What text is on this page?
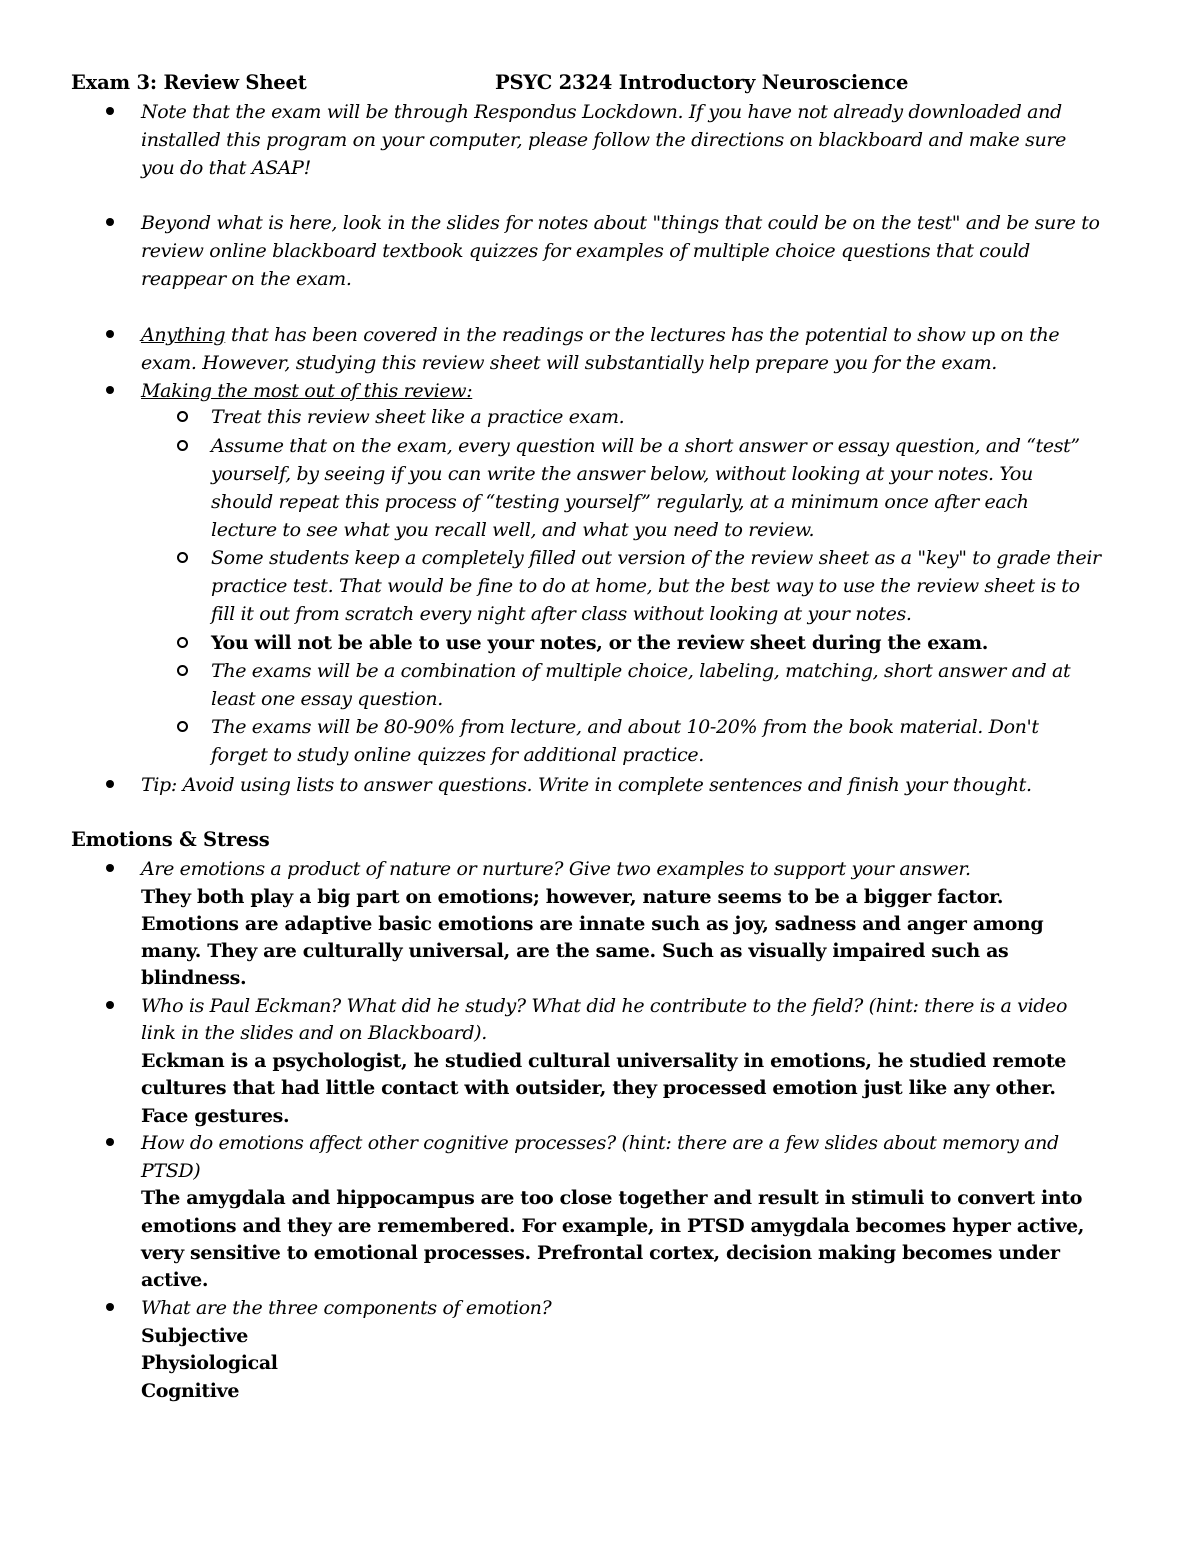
Exam 3: Review Sheet	PSYC 2324 Introductory Neuroscience
Note that the exam will be through Respondus Lockdown. If you have not already downloaded and
installed this program on your computer, please follow the directions on blackboard and make sure
you do that ASAP!
Beyond what is here, look in the slides for notes about "things that could be on the test" and be sure to
review online blackboard textbook quizzes for examples of multiple choice questions that could
reappear on the exam.
Anything that has been covered in the readings or the lectures has the potential to show up on the
exam. However, studying this review sheet will substantially help prepare you for the exam.
Making the most out of this review:
Treat this review sheet like a practice exam.
Assume that on the exam, every question will be a short answer or essay question, and “test”
yourself, by seeing if you can write the answer below, without looking at your notes. You
should repeat this process of “testing yourself” regularly, at a minimum once after each
lecture to see what you recall well, and what you need to review.
Some students keep a completely filled out version of the review sheet as a "key" to grade their
practice test. That would be fine to do at home, but the best way to use the review sheet is to
fill it out from scratch every night after class without looking at your notes.
You will not be able to use your notes, or the review sheet during the exam.
The exams will be a combination of multiple choice, labeling, matching, short answer and at
least one essay question.
The exams will be 80-90% from lecture, and about 10-20% from the book material. Don't
forget to study online quizzes for additional practice.
Tip: Avoid using lists to answer questions. Write in complete sentences and finish your thought.
Emotions & Stress
Are emotions a product of nature or nurture? Give two examples to support your answer.
They both play a big part on emotions; however, nature seems to be a bigger factor.
Emotions are adaptive basic emotions are innate such as joy, sadness and anger among
many. They are culturally universal, are the same. Such as visually impaired such as
blindness.
Who is Paul Eckman? What did he study? What did he contribute to the field? (hint: there is a video
link in the slides and on Blackboard).
Eckman is a psychologist, he studied cultural universality in emotions, he studied remote
cultures that had little contact with outsider, they processed emotion just like any other.
Face gestures.
How do emotions affect other cognitive processes? (hint: there are a few slides about memory and
PTSD)
The amygdala and hippocampus are too close together and result in stimuli to convert into
emotions and they are remembered. For example, in PTSD amygdala becomes hyper active,
very sensitive to emotional processes. Prefrontal cortex, decision making becomes under
active.
What are the three components of emotion?
Subjective
Physiological
Cognitive
